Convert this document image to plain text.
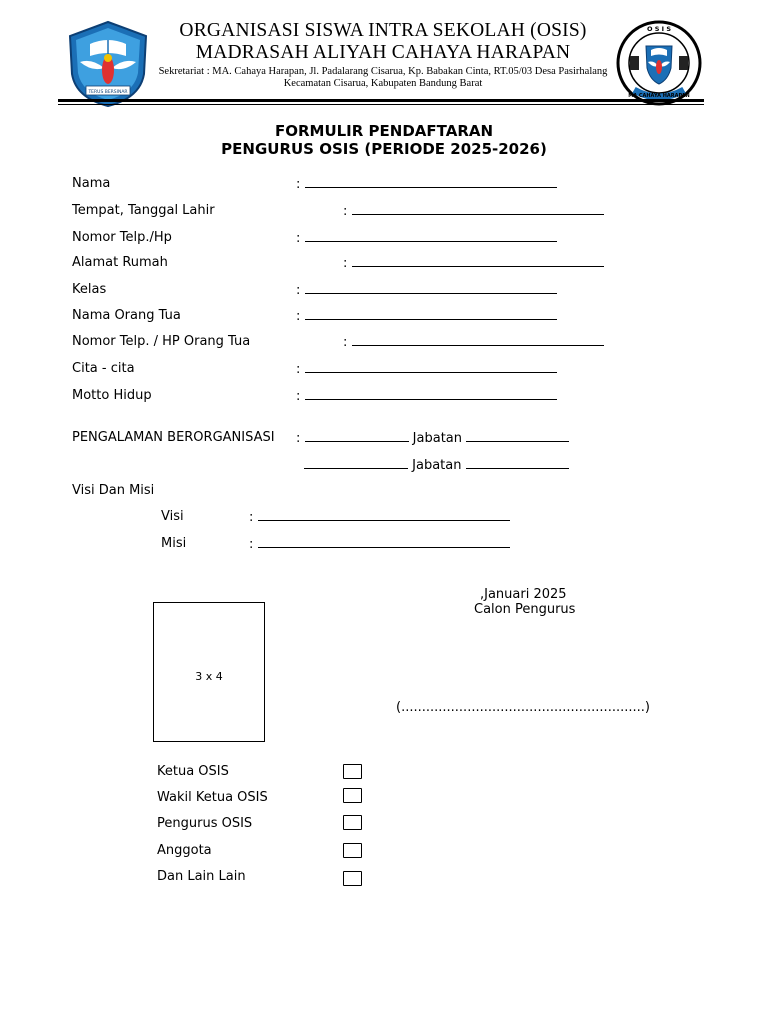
TERUS BERSINAR
ORGANISASI SISWA INTRA SEKOLAH (OSIS)
MADRASAH ALIYAH CAHAYA HARAPAN
Sekretariat : MA. Cahaya Harapan, Jl. Padalarang Cisarua, Kp. Babakan Cinta, RT.05/03 Desa Pasirhalang
Kecamatan Cisarua, Kabupaten Bandung Barat
O S I S
MA CAHAYA HARAPAN
FORMULIR PENDAFTARAN
PENGURUS OSIS (PERIODE 2025-2026)
Nama	:
Tempat, Tanggal Lahir	:
Nomor Telp./Hp	:
Alamat Rumah	:
Kelas	:
Nama Orang Tua	:
Nomor Telp. / HP Orang Tua	:
Cita - cita	:
Motto Hidup	:
PENGALAMAN BERORGANISASI :	Jabatan
Jabatan
Visi Dan Misi
Visi	:
Misi	:
,Januari 2025
Calon Pengurus
(...........................................................)
3 x 4
Ketua OSIS
Wakil Ketua OSIS
Pengurus OSIS
Anggota
Dan Lain Lain
